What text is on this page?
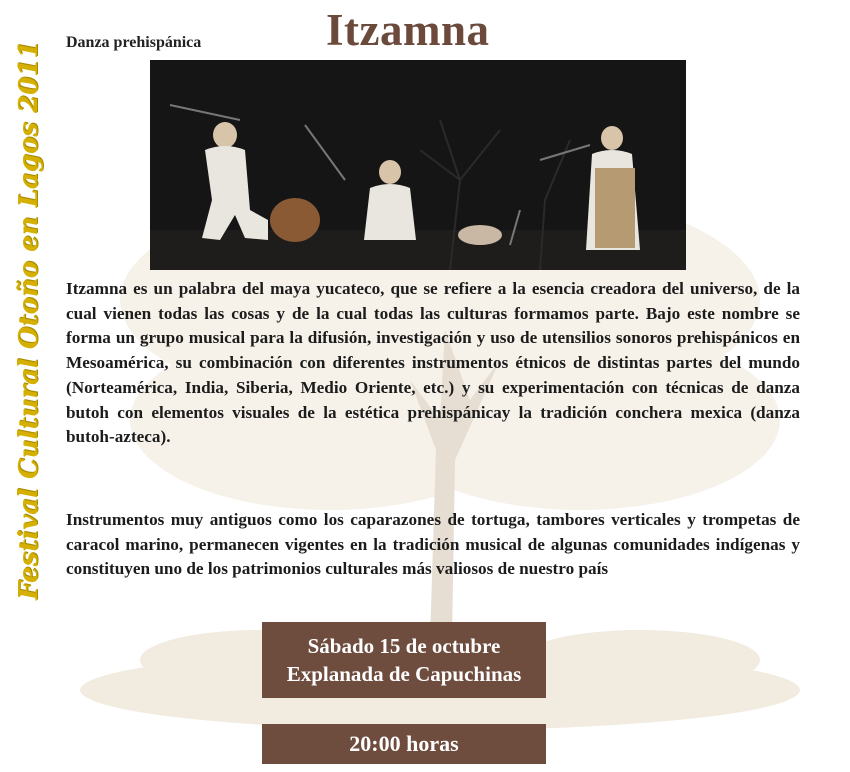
Danza prehispánica	Itzamna
Festival Cultural Otoño en Lagos 2011	Itzamna es un palabra del maya yucateco, que se refiere a la esencia creadora del universo, de la cual vienen todas las cosas y de la cual todas las culturas formamos parte. Bajo este nombre se forma un grupo musical para la difusión, investigación y uso de utensilios sonoros prehispánicos en Mesoamérica, su combinación con diferentes instrumentos étnicos de distintas partes del mundo (Norteamérica, India, Siberia, Medio Oriente, etc.) y su experimentación con técnicas de danza butoh con elementos visuales de la estética prehispánicay la tradición conchera mexica (danza butoh-azteca).
Instrumentos muy antiguos como los caparazones de tortuga, tambores verticales y trompetas de caracol marino, permanecen vigentes en la tradición musical de algunas comunidades indígenas y constituyen uno de los patrimonios culturales más valiosos de nuestro país
Sábado 15 de octubre
Explanada de Capuchinas
20:00 horas
